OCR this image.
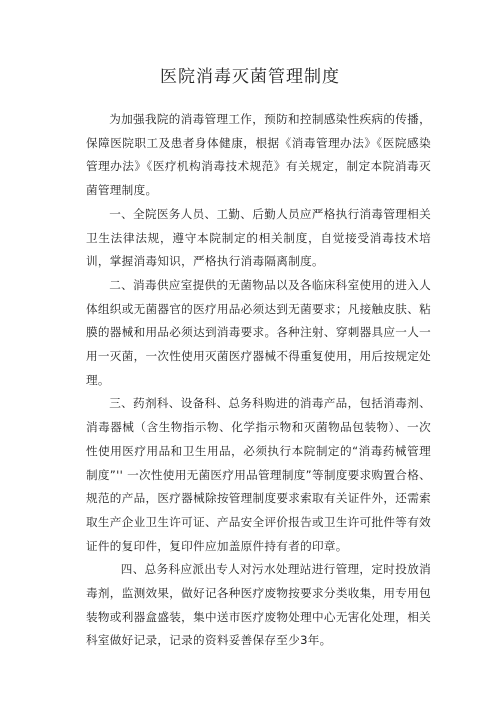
医院消毒灭菌管理制度

为加强我院的消毒管理工作，预防和控制感染性疾病的传播，保障医院职工及患者身体健康，根据《消毒管理办法》《医院感染管理办法》《医疗机构消毒技术规范》有关规定，制定本院消毒灭菌管理制度。

一、全院医务人员、工勤、后勤人员应严格执行消毒管理相关卫生法律法规，遵守本院制定的相关制度，自觉接受消毒技术培训，掌握消毒知识，严格执行消毒隔离制度。

二、消毒供应室提供的无菌物品以及各临床科室使用的进入人体组织或无菌器官的医疗用品必须达到无菌要求；凡接触皮肤、粘膜的器械和用品必须达到消毒要求。各种注射、穿刺器具应一人一用一灭菌，一次性使用灭菌医疗器械不得重复使用，用后按规定处理。

三、药剂科、设备科、总务科购进的消毒产品，包括消毒剂、消毒器械（含生物指示物、化学指示物和灭菌物品包装物）、一次性使用医疗用品和卫生用品，必须执行本院制定的“消毒药械管理制度”'' 一次性使用无菌医疗用品管理制度”等制度要求购置合格、规范的产品，医疗器械除按管理制度要求索取有关证件外，还需索取生产企业卫生许可证、产品安全评价报告或卫生许可批件等有效证件的复印件，复印件应加盖原件持有者的印章。

四、总务科应派出专人对污水处理站进行管理，定时投放消毒剂，监测效果，做好记各种医疗废物按要求分类收集，用专用包装物或利器盒盛装，集中送市医疗废物处理中心无害化处理，相关科室做好记录，记录的资料妥善保存至少3年。
